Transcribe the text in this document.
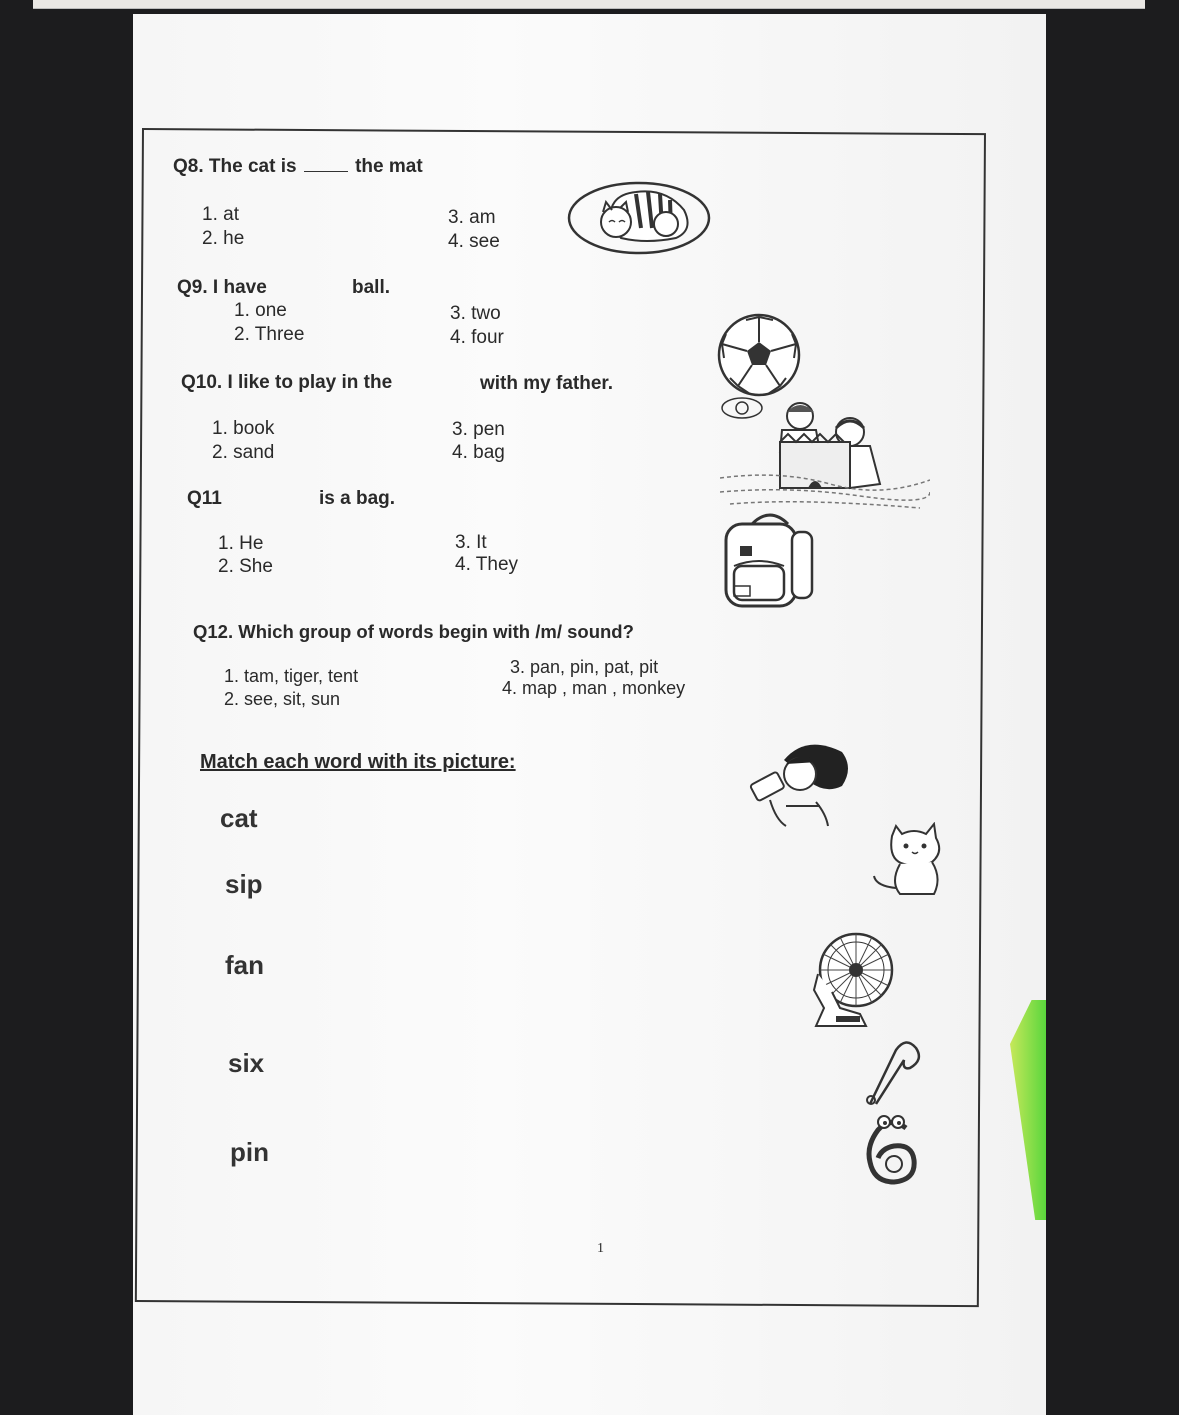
Q8. The cat is	the mat
1. at
2. he
3. am
4. see
Q9. I have	ball.
1. one
2. Three
3. two
4. four
Q10. I like to play in the	with my father.
1. book
2. sand
3. pen
4. bag
Q11	is a bag.
1. He
2. She
3. It
4. They
Q12. Which group of words begin with /m/ sound?
1. tam, tiger, tent
2. see, sit, sun
3. pan, pin, pat, pit
4. map , man , monkey
Match each word with its picture:
cat
sip
fan
six
pin
1
